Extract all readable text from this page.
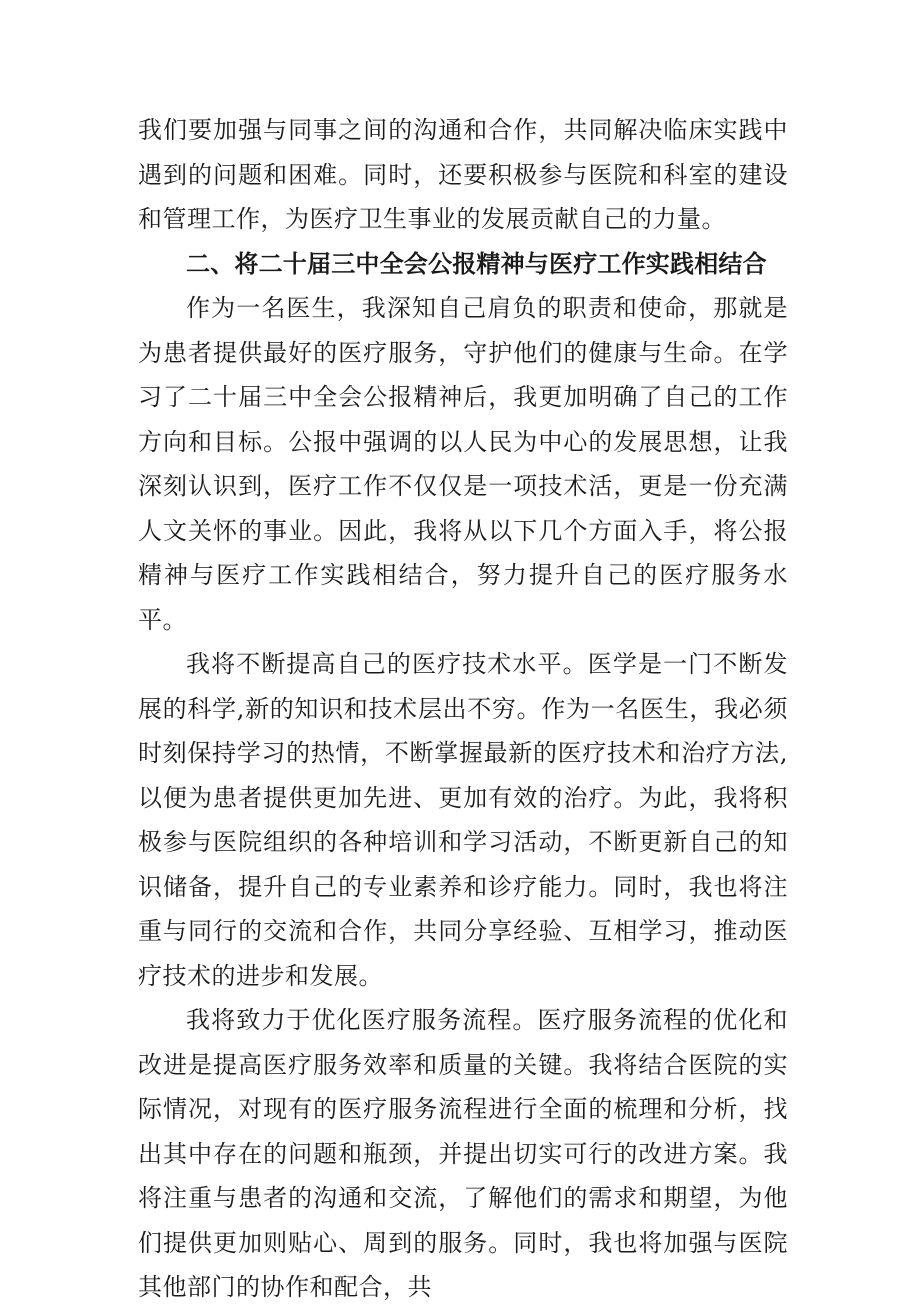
我们要加强与同事之间的沟通和合作，共同解决临床实践中遇到的问题和困难。同时，还要积极参与医院和科室的建设和管理工作，为医疗卫生事业的发展贡献自己的力量。

二、将二十届三中全会公报精神与医疗工作实践相结合

作为一名医生，我深知自己肩负的职责和使命，那就是为患者提供最好的医疗服务，守护他们的健康与生命。在学习了二十届三中全会公报精神后，我更加明确了自己的工作方向和目标。公报中强调的以人民为中心的发展思想，让我深刻认识到，医疗工作不仅仅是一项技术活，更是一份充满人文关怀的事业。因此，我将从以下几个方面入手，将公报精神与医疗工作实践相结合，努力提升自己的医疗服务水平。

我将不断提高自己的医疗技术水平。医学是一门不断发展的科学,新的知识和技术层出不穷。作为一名医生，我必须时刻保持学习的热情，不断掌握最新的医疗技术和治疗方法,以便为患者提供更加先进、更加有效的治疗。为此，我将积极参与医院组织的各种培训和学习活动，不断更新自己的知识储备，提升自己的专业素养和诊疗能力。同时，我也将注重与同行的交流和合作，共同分享经验、互相学习，推动医疗技术的进步和发展。

我将致力于优化医疗服务流程。医疗服务流程的优化和改进是提高医疗服务效率和质量的关键。我将结合医院的实际情况，对现有的医疗服务流程进行全面的梳理和分析，找出其中存在的问题和瓶颈，并提出切实可行的改进方案。我将注重与患者的沟通和交流，了解他们的需求和期望，为他们提供更加则贴心、周到的服务。同时，我也将加强与医院其他部门的协作和配合，共
